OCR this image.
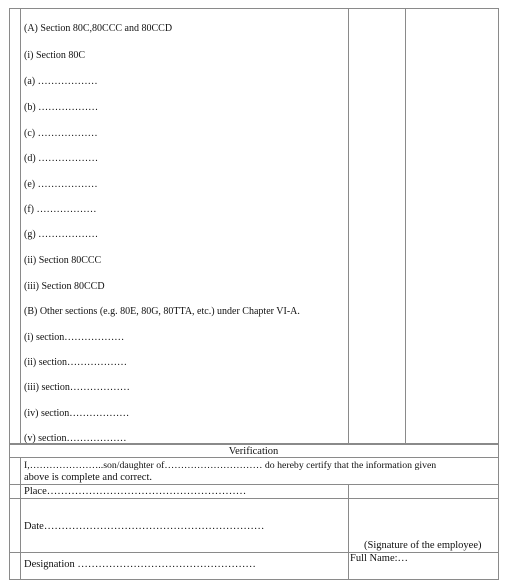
(A) Section 80C,80CCC and 80CCD
(i) Section 80C
(a) ………………
(b) ………………
(c) ………………
(d) ………………
(e) ………………
(f) ………………
(g) ………………
(ii) Section 80CCC
(iii) Section 80CCD
(B) Other sections (e.g. 80E, 80G, 80TTA, etc.) under Chapter VI-A.
(i) section………………
(ii) section………………
(iii) section………………
(iv) section………………
(v) section………………
Verification
I,…………………..son/daughter of………………………… do hereby certify that the information given
above is complete and correct.
Place…………………………………………………
Date………………………………………………………
(Signature of the employee)
Full Name:…
Designation ……………………………………………
